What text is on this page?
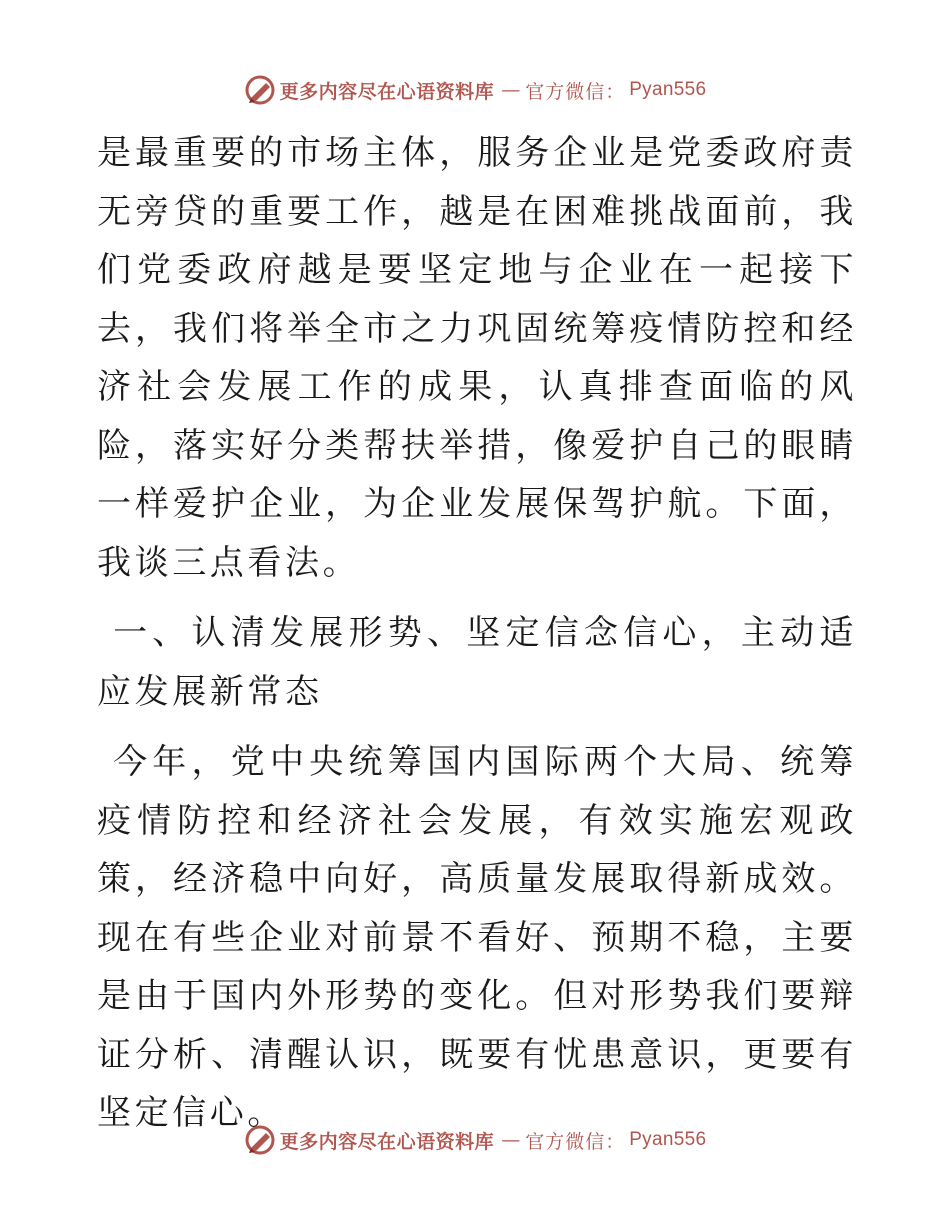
更多内容尽在心语资料库 — 官方微信： Pyan556

是最重要的市场主体，服务企业是党委政府责无旁贷的重要工作，越是在困难挑战面前，我们党委政府越是要坚定地与企业在一起接下去，我们将举全市之力巩固统筹疫情防控和经济社会发展工作的成果，认真排查面临的风险，落实好分类帮扶举措，像爱护自己的眼睛一样爱护企业，为企业发展保驾护航。下面，我谈三点看法。

一、认清发展形势、坚定信念信心，主动适应发展新常态

今年，党中央统筹国内国际两个大局、统筹疫情防控和经济社会发展，有效实施宏观政策，经济稳中向好，高质量发展取得新成效。现在有些企业对前景不看好、预期不稳，主要是由于国内外形势的变化。但对形势我们要辩证分析、清醒认识，既要有忧患意识，更要有坚定信心。

更多内容尽在心语资料库 — 官方微信： Pyan556
